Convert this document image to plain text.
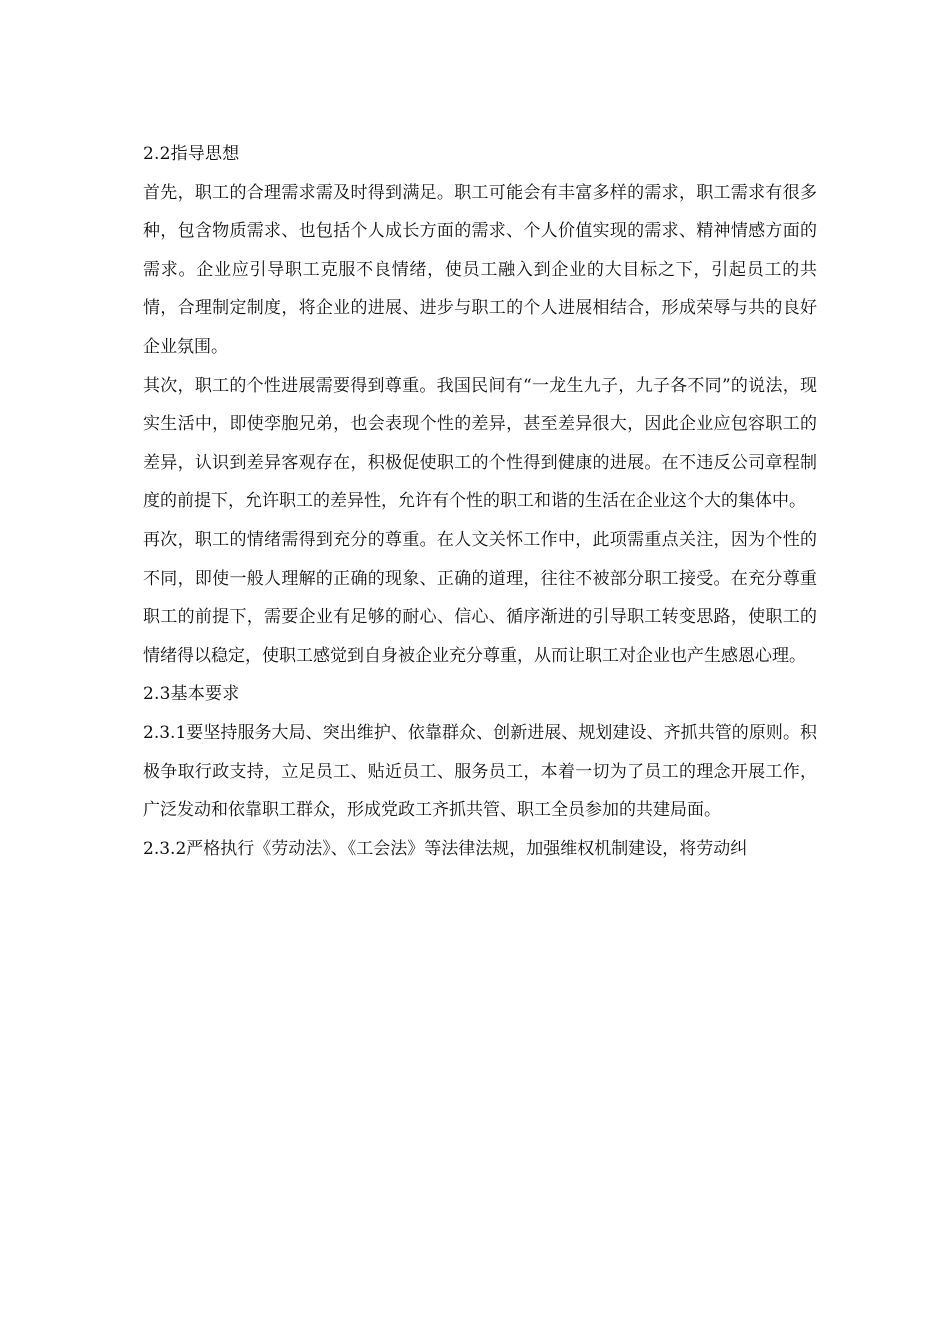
2.2指导思想

首先，职工的合理需求需及时得到满足。职工可能会有丰富多样的需求，职工需求有很多种，包含物质需求、也包括个人成长方面的需求、个人价值实现的需求、精神情感方面的需求。企业应引导职工克服不良情绪，使员工融入到企业的大目标之下，引起员工的共情，合理制定制度，将企业的进展、进步与职工的个人进展相结合，形成荣辱与共的良好企业氛围。

其次，职工的个性进展需要得到尊重。我国民间有“一龙生九子，九子各不同”的说法，现实生活中，即使孪胞兄弟，也会表现个性的差异，甚至差异很大，因此企业应包容职工的差异，认识到差异客观存在，积极促使职工的个性得到健康的进展。在不违反公司章程制度的前提下，允许职工的差异性，允许有个性的职工和谐的生活在企业这个大的集体中。

再次，职工的情绪需得到充分的尊重。在人文关怀工作中，此项需重点关注，因为个性的不同，即使一般人理解的正确的现象、正确的道理，往往不被部分职工接受。在充分尊重职工的前提下，需要企业有足够的耐心、信心、循序渐进的引导职工转变思路，使职工的情绪得以稳定，使职工感觉到自身被企业充分尊重，从而让职工对企业也产生感恩心理。

2.3基本要求

2.3.1要坚持服务大局、突出维护、依靠群众、创新进展、规划建设、齐抓共管的原则。积极争取行政支持，立足员工、贴近员工、服务员工，本着一切为了员工的理念开展工作，广泛发动和依靠职工群众，形成党政工齐抓共管、职工全员参加的共建局面。

2.3.2严格执行《劳动法》、《工会法》等法律法规，加强维权机制建设，将劳动纠
